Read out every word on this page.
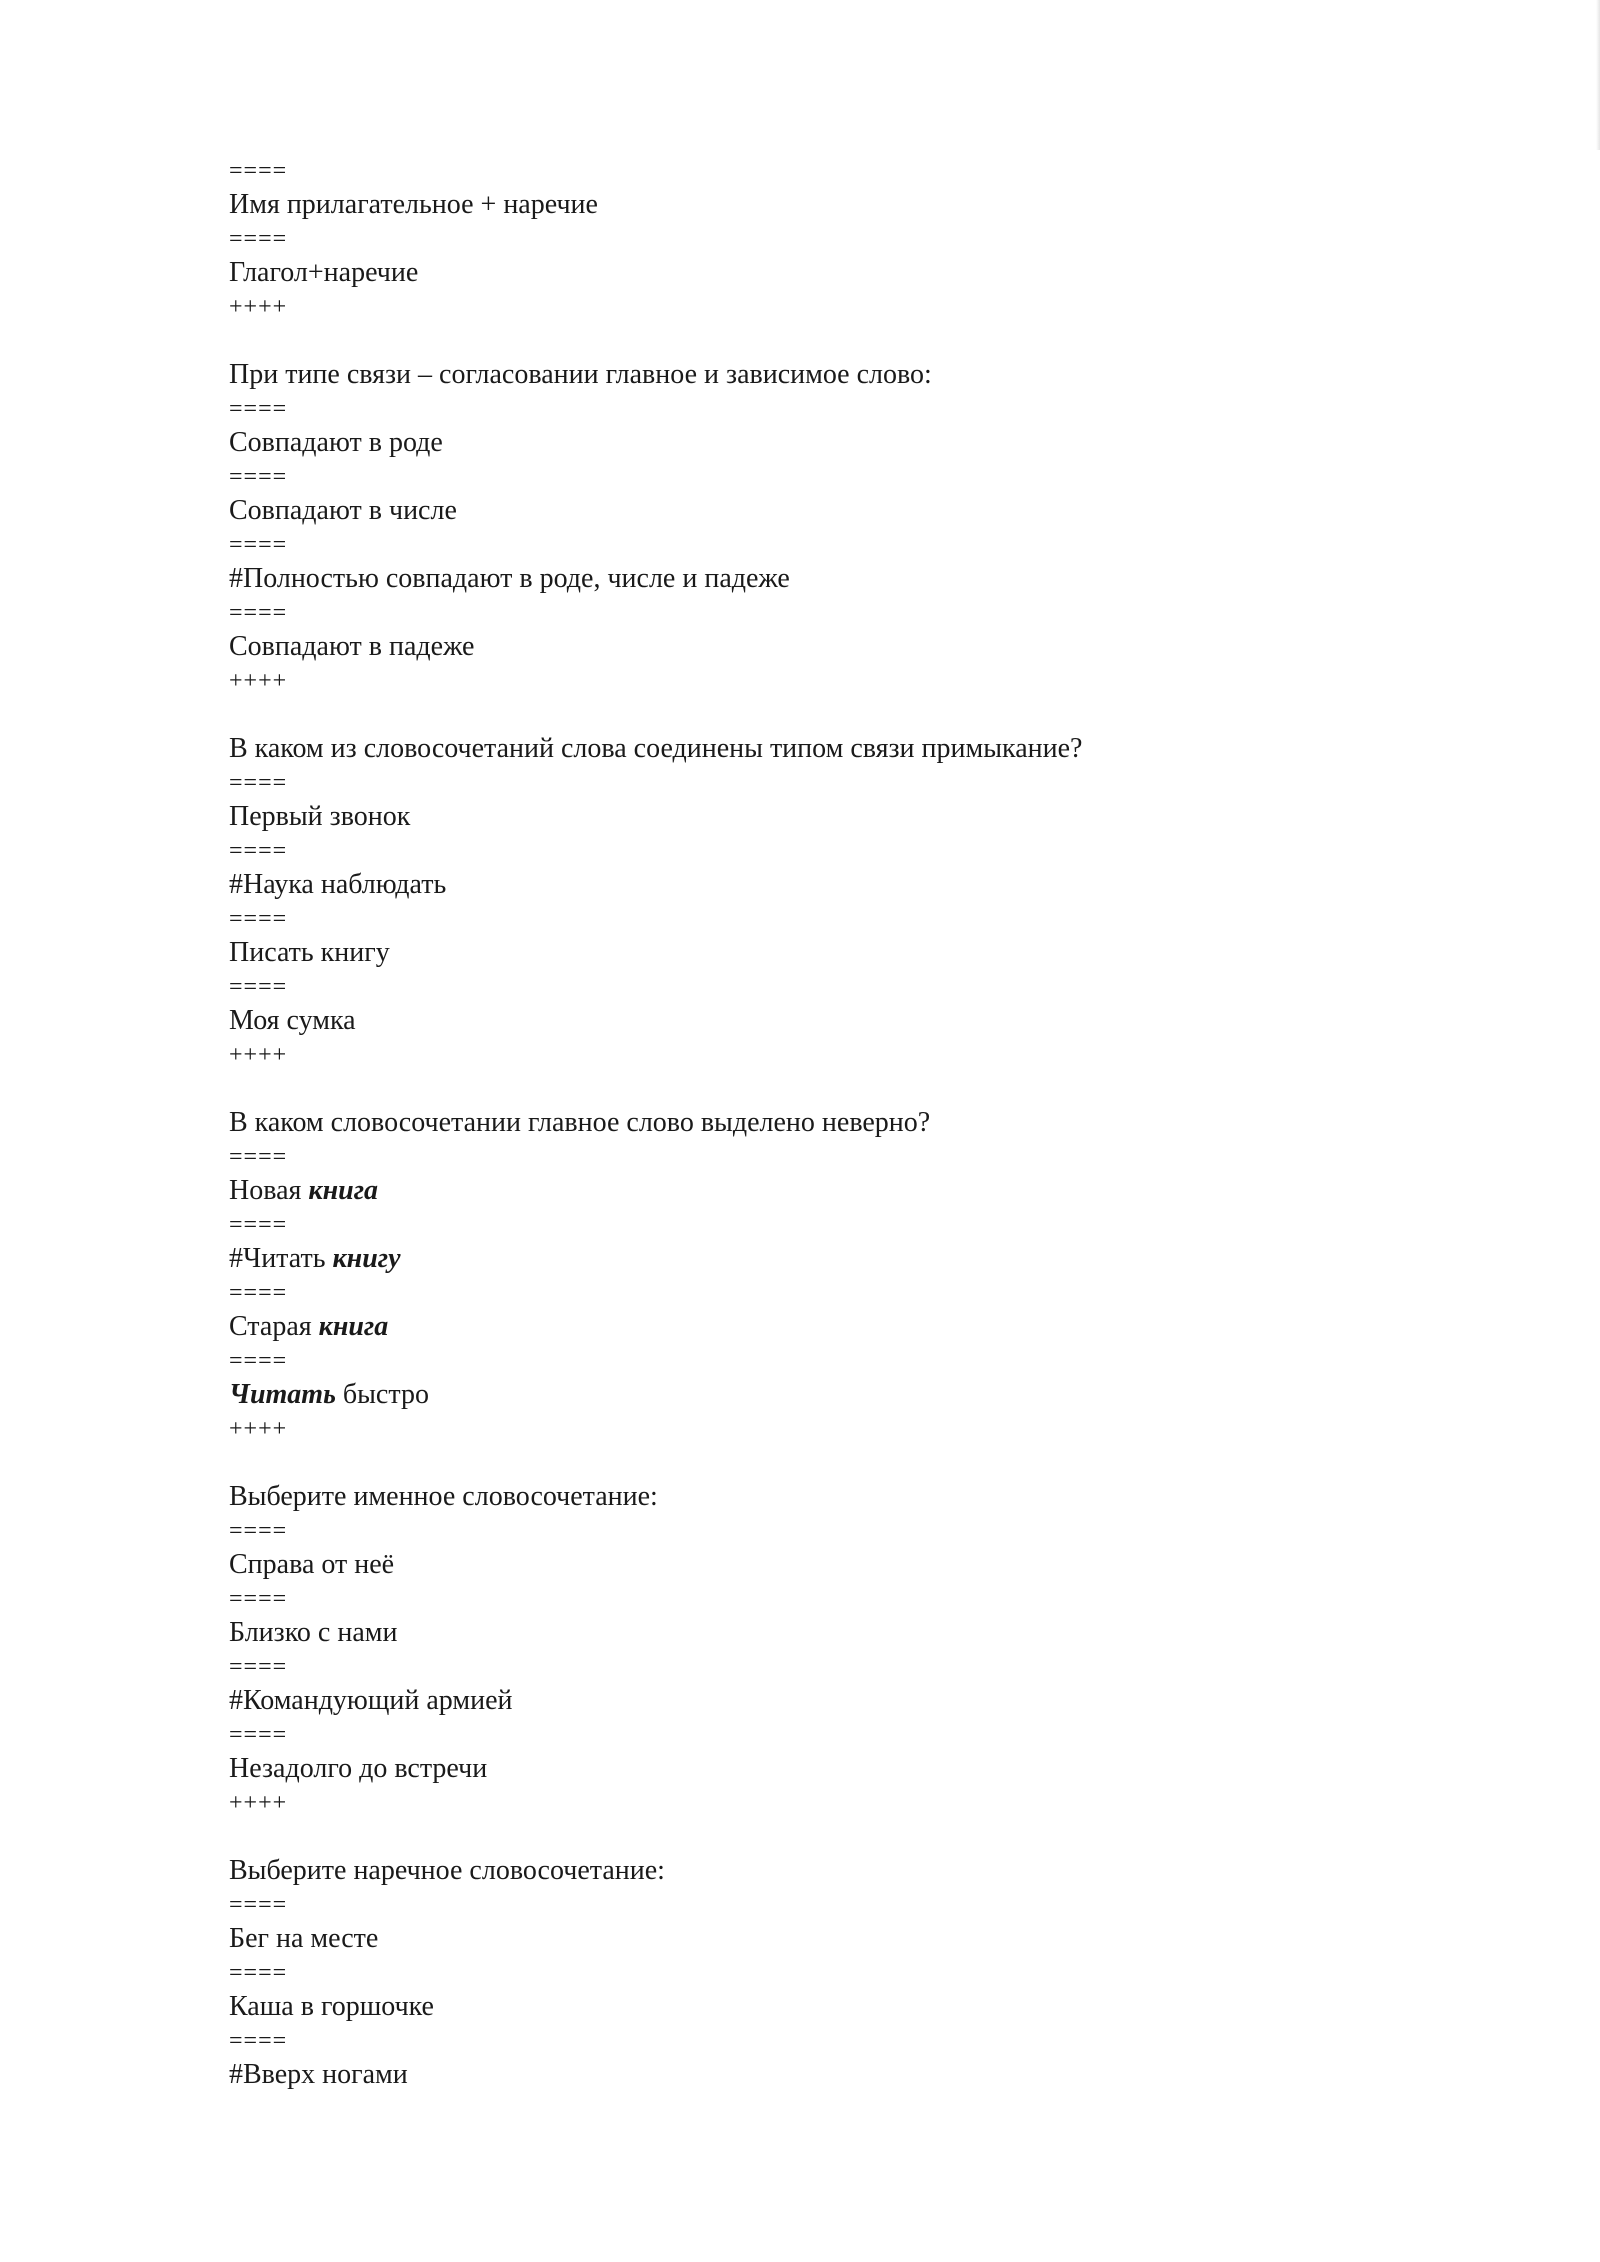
====
Имя прилагательное + наречие
====
Глагол+наречие
++++
При типе связи – согласовании главное и зависимое слово:
====
Совпадают в роде
====
Совпадают в числе
====
#Полностью совпадают в роде, числе и падеже
====
Совпадают в падеже
++++
В каком из словосочетаний слова соединены типом связи примыкание?
====
Первый звонок
====
#Наука наблюдать
====
Писать книгу
====
Моя сумка
++++
В каком словосочетании главное слово выделено неверно?
====
Новая книга
====
#Читать книгу
====
Старая книга
====
Читать быстро
++++
Выберите именное словосочетание:
====
Справа от неё
====
Близко с нами
====
#Командующий армией
====
Незадолго до встречи
++++
Выберите наречное словосочетание:
====
Бег на месте
====
Каша в горшочке
====
#Вверх ногами
